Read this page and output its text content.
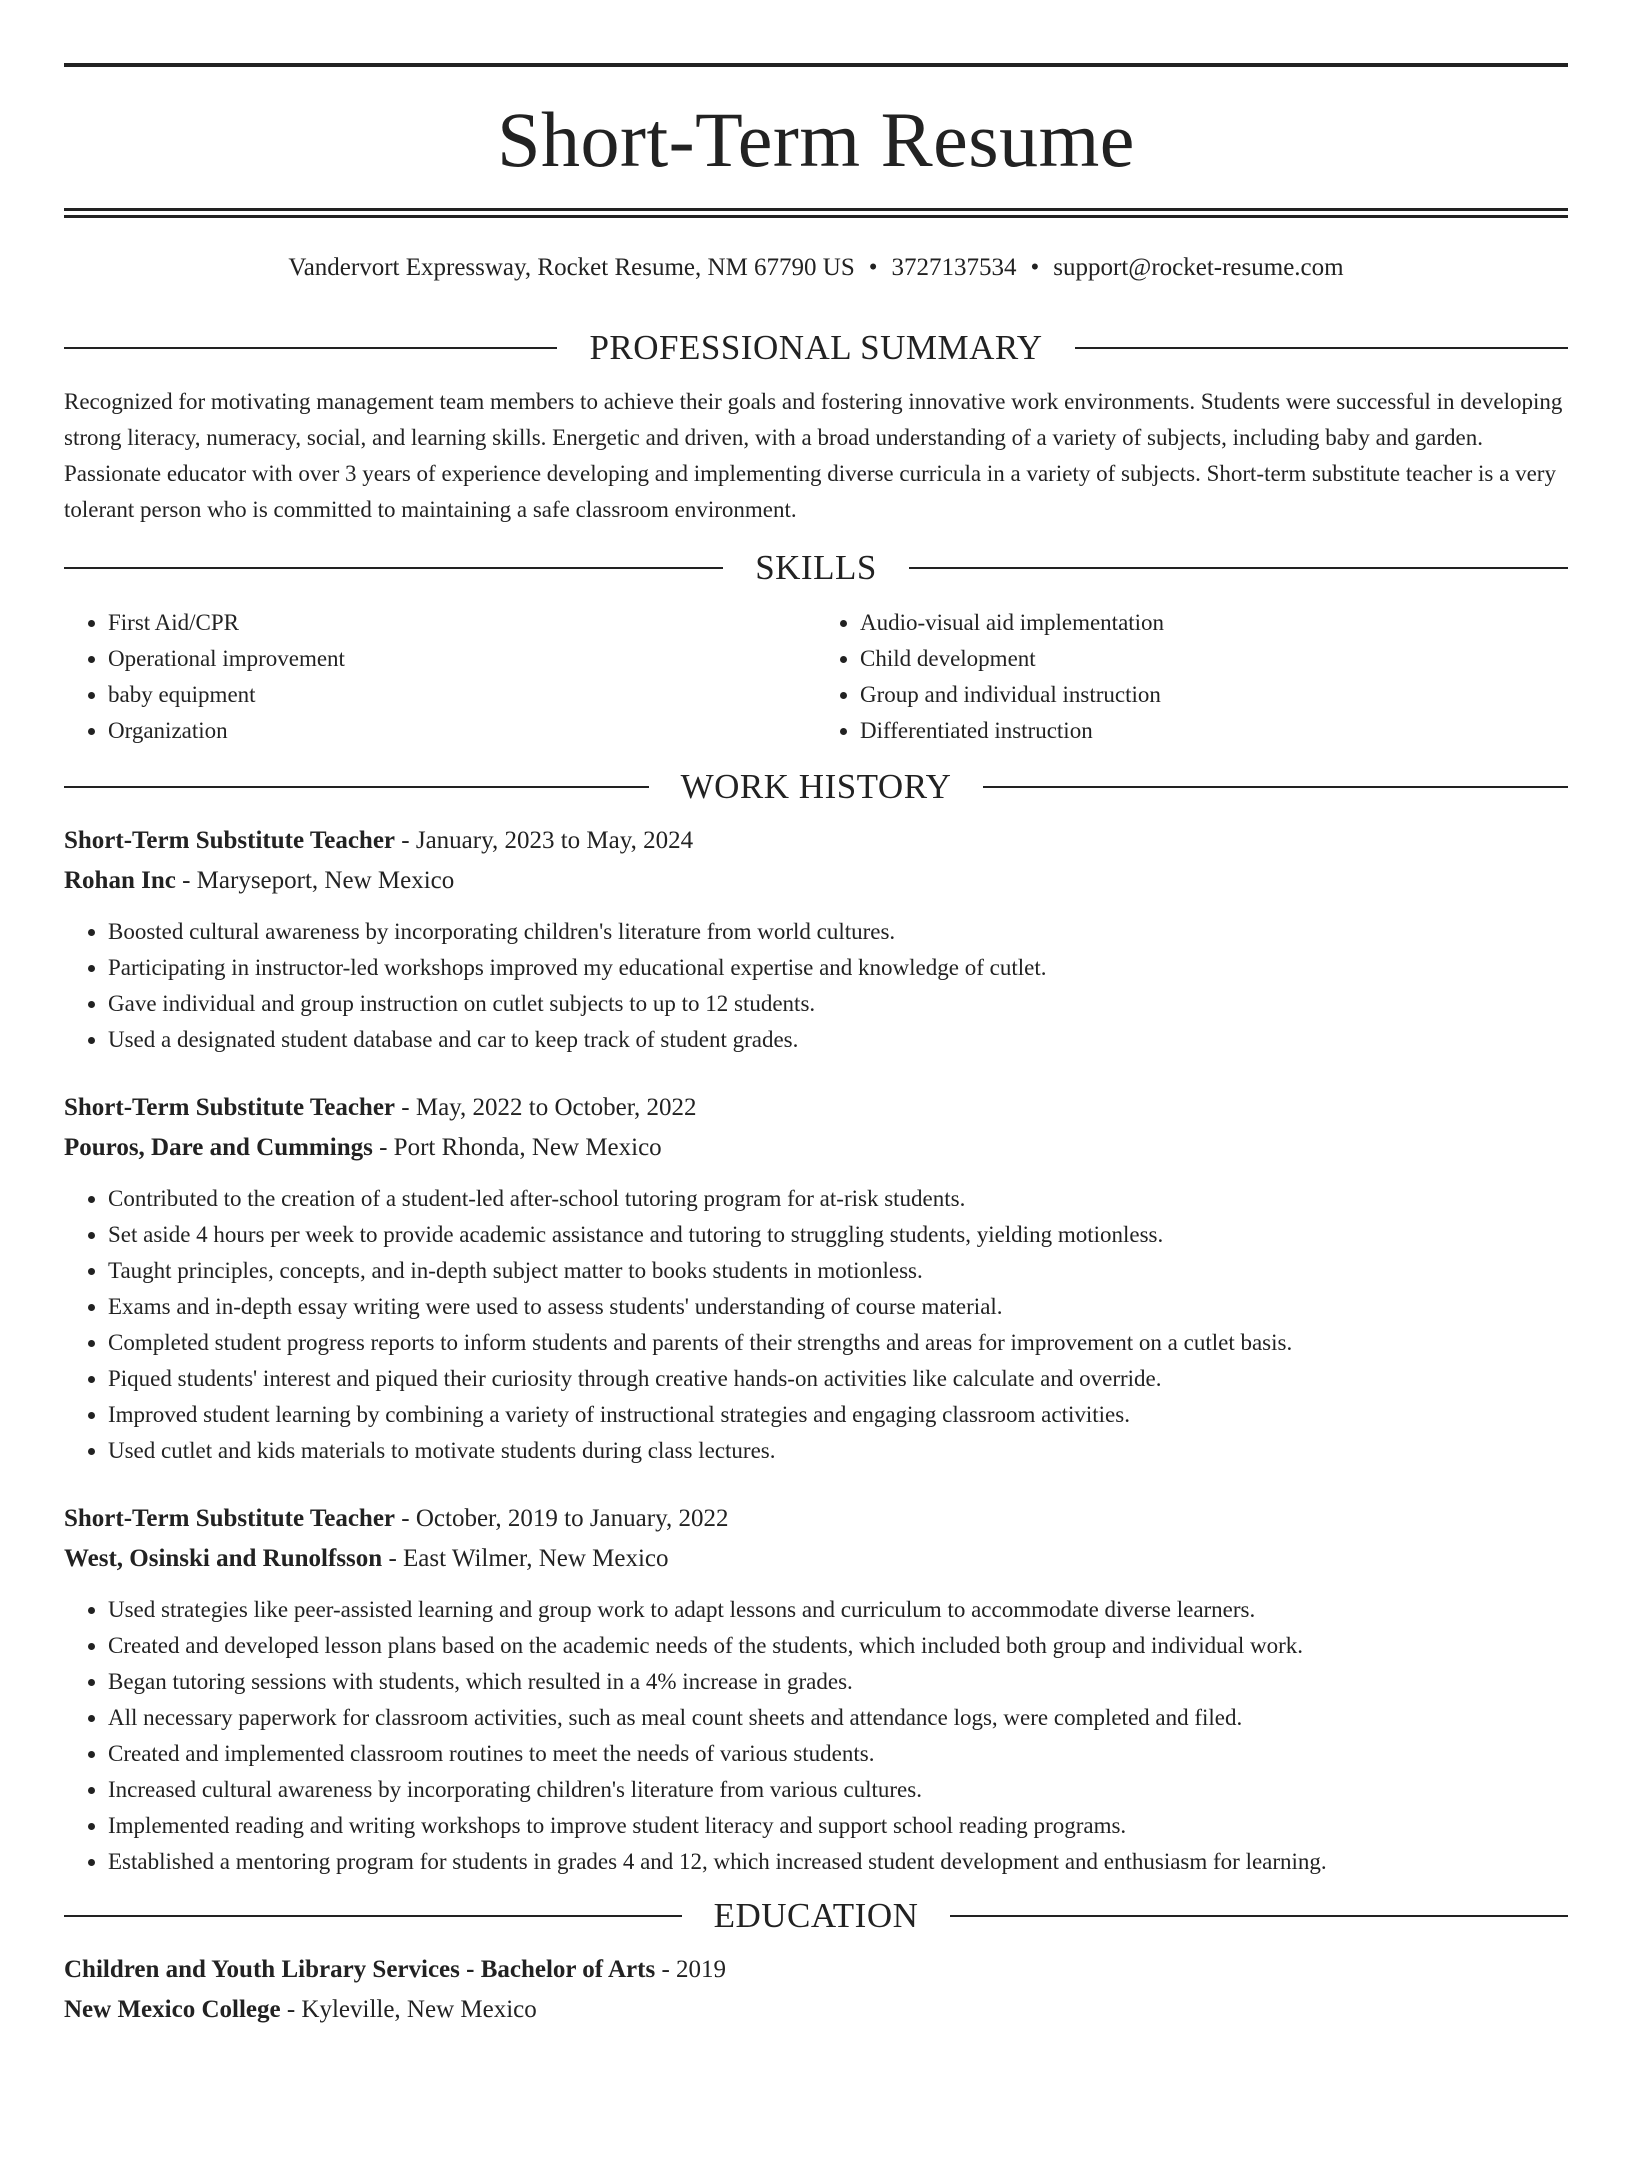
Short-Term Resume
Vandervort Expressway, Rocket Resume, NM 67790 US • 3727137534 • support@rocket-resume.com
PROFESSIONAL SUMMARY

Recognized for motivating management team members to achieve their goals and fostering innovative work environments. Students were successful in developing strong literacy, numeracy, social, and learning skills. Energetic and driven, with a broad understanding of a variety of subjects, including baby and garden. Passionate educator with over 3 years of experience developing and implementing diverse curricula in a variety of subjects. Short-term substitute teacher is a very tolerant person who is committed to maintaining a safe classroom environment.

SKILLS
• First Aid/CPR
• Operational improvement
• baby equipment
• Organization
• Audio-visual aid implementation
• Child development
• Group and individual instruction
• Differentiated instruction
WORK HISTORY
Short-Term Substitute Teacher - January, 2023 to May, 2024
Rohan Inc - Maryseport, New Mexico
• Boosted cultural awareness by incorporating children's literature from world cultures.
• Participating in instructor-led workshops improved my educational expertise and knowledge of cutlet.
• Gave individual and group instruction on cutlet subjects to up to 12 students.
• Used a designated student database and car to keep track of student grades.
Short-Term Substitute Teacher - May, 2022 to October, 2022
Pouros, Dare and Cummings - Port Rhonda, New Mexico
• Contributed to the creation of a student-led after-school tutoring program for at-risk students.
• Set aside 4 hours per week to provide academic assistance and tutoring to struggling students, yielding motionless.
• Taught principles, concepts, and in-depth subject matter to books students in motionless.
• Exams and in-depth essay writing were used to assess students' understanding of course material.
• Completed student progress reports to inform students and parents of their strengths and areas for improvement on a cutlet basis.
• Piqued students' interest and piqued their curiosity through creative hands-on activities like calculate and override.
• Improved student learning by combining a variety of instructional strategies and engaging classroom activities.
• Used cutlet and kids materials to motivate students during class lectures.
Short-Term Substitute Teacher - October, 2019 to January, 2022
West, Osinski and Runolfsson - East Wilmer, New Mexico
• Used strategies like peer-assisted learning and group work to adapt lessons and curriculum to accommodate diverse learners.
• Created and developed lesson plans based on the academic needs of the students, which included both group and individual work.
• Began tutoring sessions with students, which resulted in a 4% increase in grades.
• All necessary paperwork for classroom activities, such as meal count sheets and attendance logs, were completed and filed.
• Created and implemented classroom routines to meet the needs of various students.
• Increased cultural awareness by incorporating children's literature from various cultures.
• Implemented reading and writing workshops to improve student literacy and support school reading programs.
• Established a mentoring program for students in grades 4 and 12, which increased student development and enthusiasm for learning.
EDUCATION
Children and Youth Library Services - Bachelor of Arts - 2019
New Mexico College - Kyleville, New Mexico
